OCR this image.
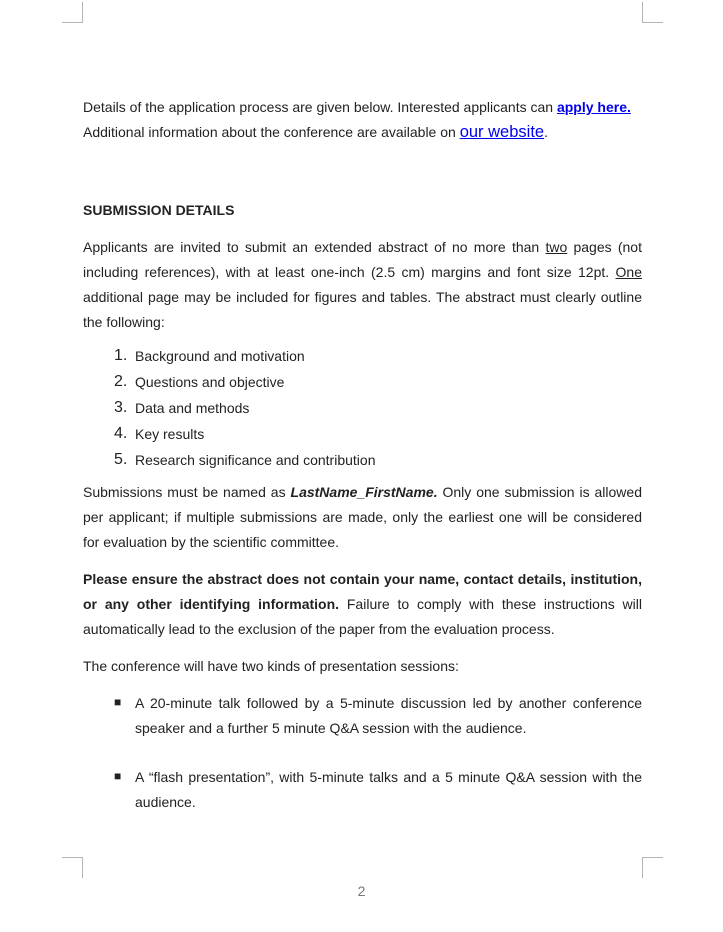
Details of the application process are given below. Interested applicants can apply here.
Additional information about the conference are available on our website.

SUBMISSION DETAILS

Applicants are invited to submit an extended abstract of no more than two pages (not including references), with at least one-inch (2.5 cm) margins and font size 12pt. One additional page may be included for figures and tables. The abstract must clearly outline the following:

1. Background and motivation
2. Questions and objective
3. Data and methods
4. Key results
5. Research significance and contribution

Submissions must be named as LastName_FirstName. Only one submission is allowed per applicant; if multiple submissions are made, only the earliest one will be considered for evaluation by the scientific committee.

Please ensure the abstract does not contain your name, contact details, institution, or any other identifying information. Failure to comply with these instructions will automatically lead to the exclusion of the paper from the evaluation process.

The conference will have two kinds of presentation sessions:

■ A 20-minute talk followed by a 5-minute discussion led by another conference speaker and a further 5 minute Q&A session with the audience.
■ A “flash presentation”, with 5-minute talks and a 5 minute Q&A session with the audience.
2
